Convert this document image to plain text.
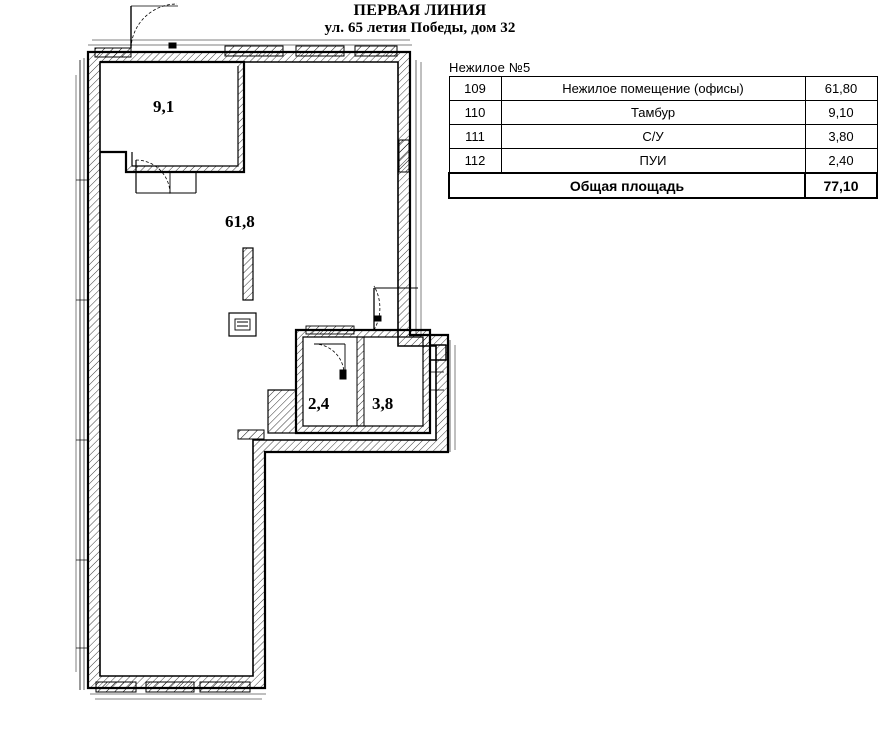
ПЕРВАЯ ЛИНИЯ
ул. 65 летия Победы, дом 32
9,1
61,8
2,4	3,8
Нежилое №5
109	Нежилое помещение (офисы)	61,80
110	Тамбур	9,10
111	С/У	3,80
112	ПУИ	2,40
Общая площадь		77,10
